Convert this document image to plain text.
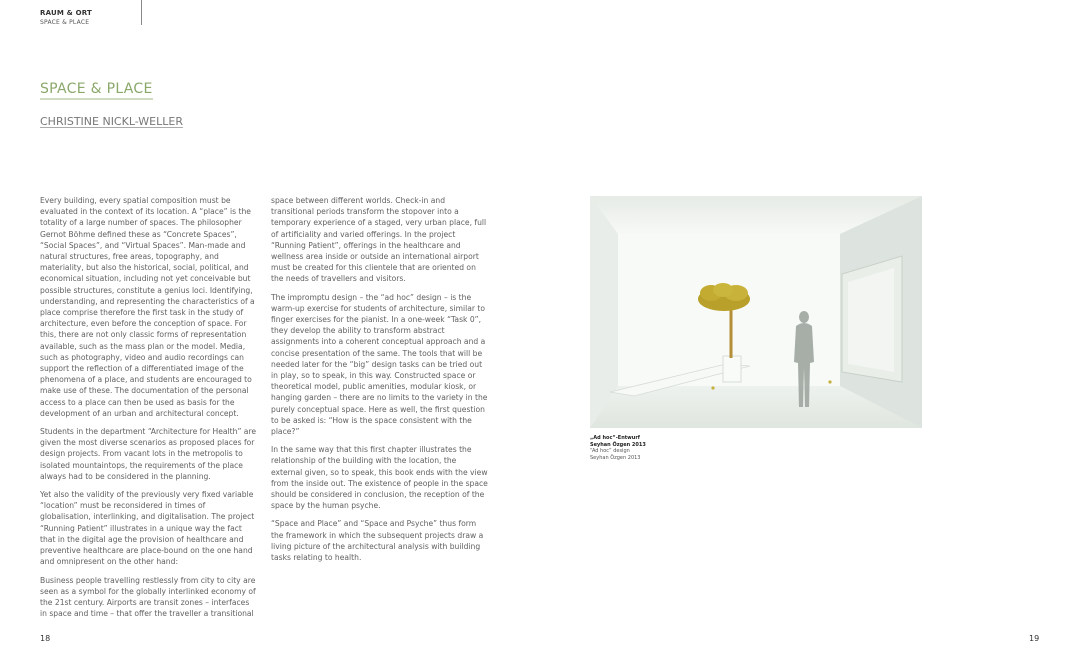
RAUM & ORT
SPACE & PLACE
SPACE & PLACE
CHRISTINE NICKL-WELLER

Every building, every spatial composition must be evaluated in the context of its location. A “place” is the totality of a large number of spaces. The philosopher Gernot Böhme defined these as “Concrete Spaces”, “Social Spaces”, and “Virtual Spaces”. Man-made and natural structures, free areas, topography, and materiality, but also the historical, social, political, and economical situation, including not yet conceivable but possible structures, constitute a genius loci. Identifying, understanding, and representing the characteristics of a place comprise therefore the first task in the study of architecture, even before the conception of space. For this, there are not only classic forms of representation available, such as the mass plan or the model. Media, such as photography, video and audio recordings can support the reflection of a differentiated image of the phenomena of a place, and students are encouraged to make use of these. The documentation of the personal access to a place can then be used as basis for the development of an urban and architectural concept.

Students in the department “Architecture for Health” are given the most diverse scenarios as proposed places for design projects. From vacant lots in the metropolis to isolated mountaintops, the requirements of the place always had to be considered in the planning.

Yet also the validity of the previously very fixed variable “location” must be reconsidered in times of globalisation, interlinking, and digitalisation. The project “Running Patient” illustrates in a unique way the fact that in the digital age the provision of healthcare and preventive healthcare are place-bound on the one hand and omnipresent on the other hand:

Business people travelling restlessly from city to city are seen as a symbol for the globally interlinked economy of the 21st century. Airports are transit zones – interfaces in space and time – that offer the traveller a transitional

space between different worlds. Check-in and transitional periods transform the stopover into a temporary experience of a staged, very urban place, full of artificiality and varied offerings. In the project “Running Patient”, offerings in the healthcare and wellness area inside or outside an international airport must be created for this clientele that are oriented on the needs of travellers and visitors.

The impromptu design – the “ad hoc” design – is the warm-up exercise for students of architecture, similar to finger exercises for the pianist. In a one-week “Task 0”, they develop the ability to transform abstract assignments into a coherent conceptual approach and a concise presentation of the same. The tools that will be needed later for the “big” design tasks can be tried out in play, so to speak, in this way. Constructed space or theoretical model, public amenities, modular kiosk, or hanging garden – there are no limits to the variety in the purely conceptual space. Here as well, the first question to be asked is: “How is the space consistent with the place?”

In the same way that this first chapter illustrates the relationship of the building with the location, the external given, so to speak, this book ends with the view from the inside out. The existence of people in the space should be considered in conclusion, the reception of the space by the human psyche.

“Space and Place” and “Space and Psyche” thus form the framework in which the subsequent projects draw a living picture of the architectural analysis with building tasks relating to health.

„Ad hoc“-Entwurf
Seyhan Özgen 2013
“Ad hoc” design
Seyhan Özgen 2013
18	19
